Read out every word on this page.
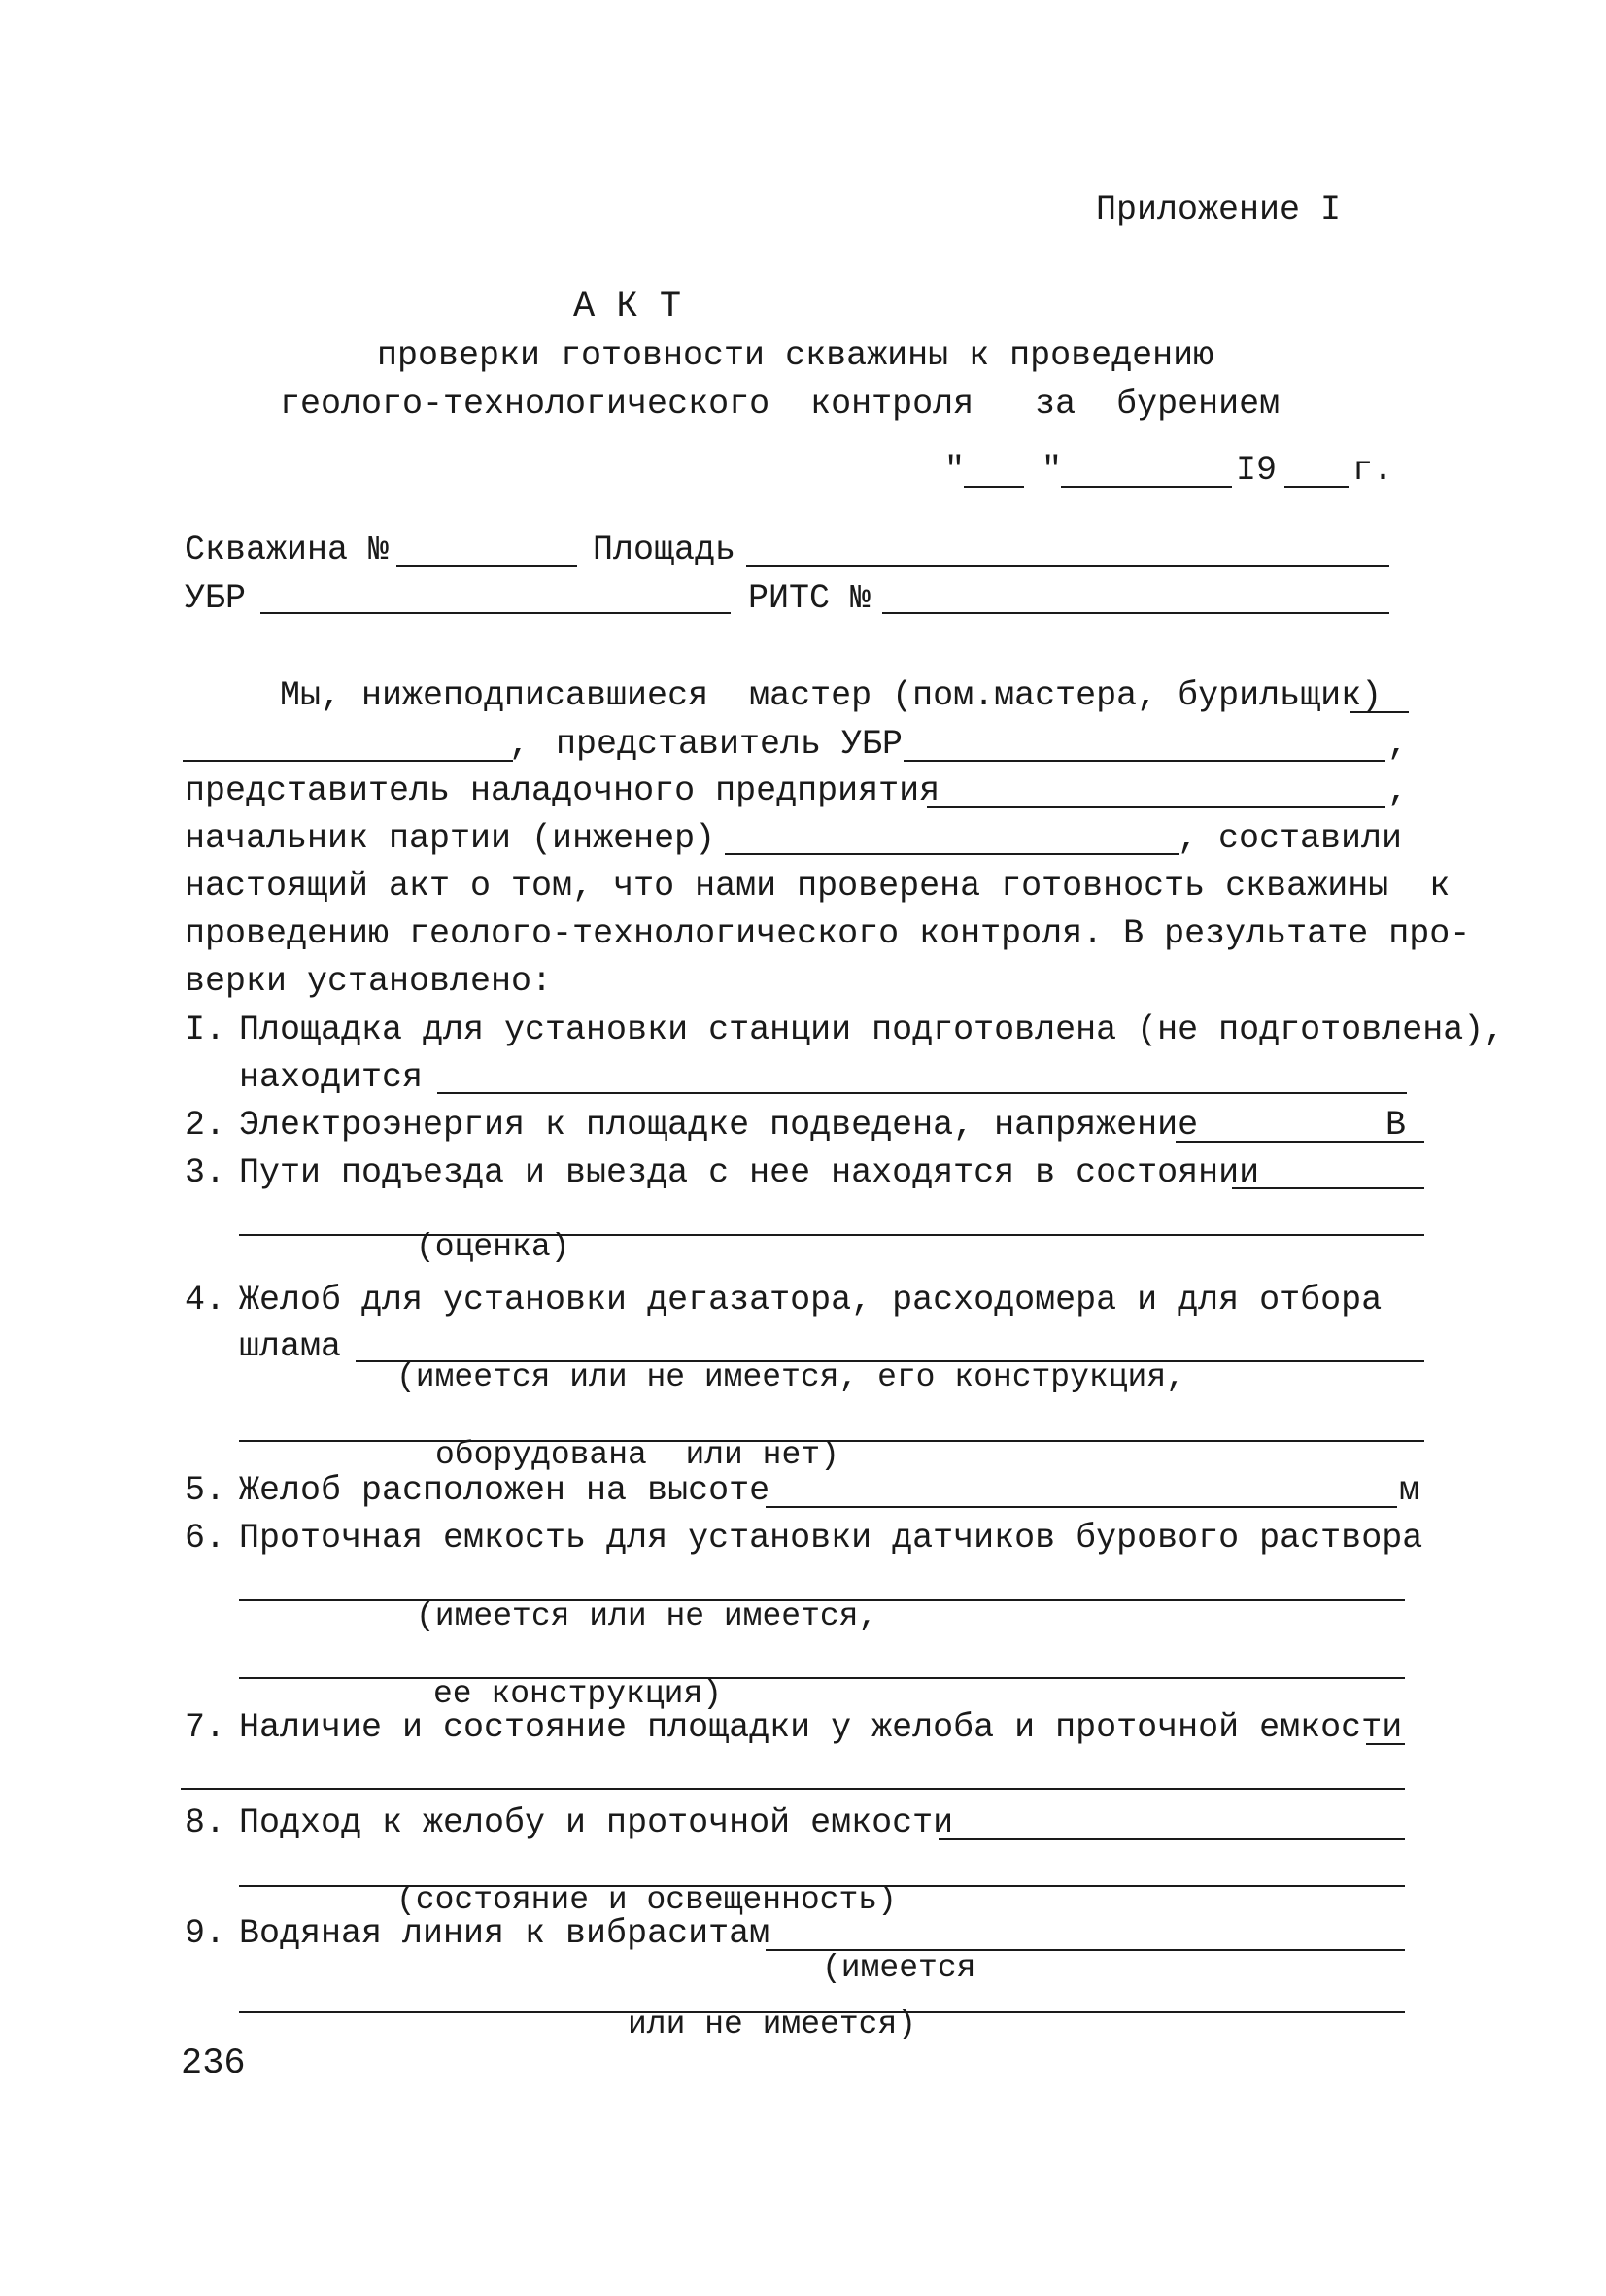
Приложение I
А К Т
проверки готовности скважины к проведению
геолого-технологического  контроля   за  бурением
" "	I9 г.
Скважина №	Площадь
УБР	РИТС №
Мы, нижеподписавшиеся  мастер (пом.мастера, бурильщик)
, представитель УБР	,
представитель наладочного предприятия	,
начальник партии (инженер)	, составили
настоящий акт о том, что нами проверена готовность скважины  к
проведению геолого-технологического контроля. В результате про-
верки установлено:
I. Площадка для установки станции подготовлена (не подготовлена),
находится
2. Электроэнергия к площадке подведена, напряжение	В
3. Пути подъезда и выезда с нее находятся в состоянии
(оценка)
4. Желоб для установки дегазатора, расходомера и для отбора
шлама
(имеется или не имеется, его конструкция,
оборудована  или нет)
5. Желоб расположен на высоте	м
6. Проточная емкость для установки датчиков бурового раствора
(имеется или не имеется,
ее конструкция)
7. Наличие и состояние площадки у желоба и проточной емкости
8. Подход к желобу и проточной емкости
(состояние и освещенность)
9. Водяная линия к вибраситам
(имеется
или не имеется)
236
